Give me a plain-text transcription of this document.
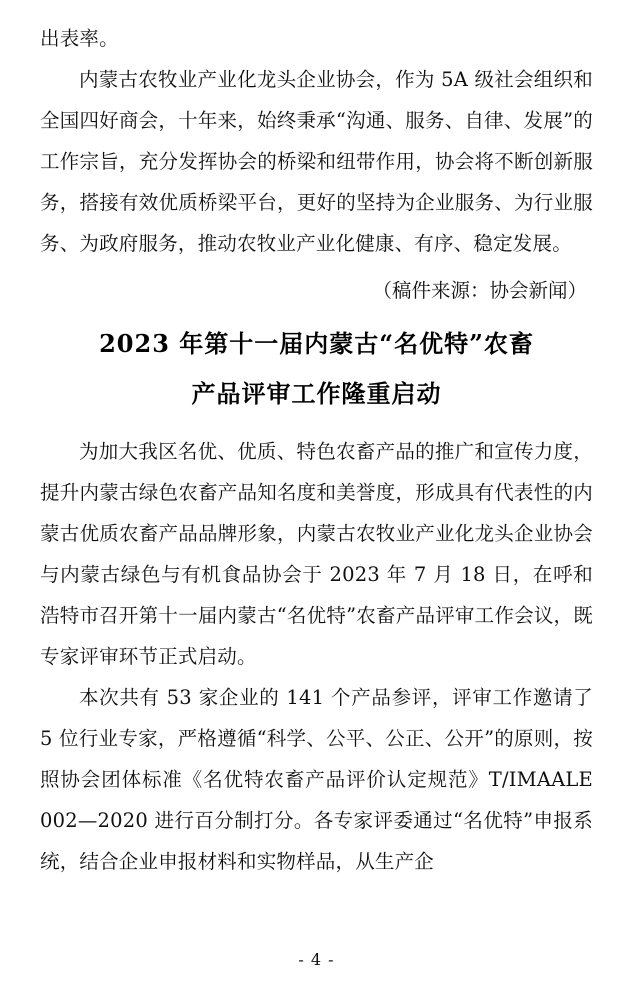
出表率。

内蒙古农牧业产业化龙头企业协会，作为 5A 级社会组织和全国四好商会，十年来，始终秉承“沟通、服务、自律、发展”的工作宗旨，充分发挥协会的桥梁和纽带作用，协会将不断创新服务，搭接有效优质桥梁平台，更好的坚持为企业服务、为行业服务、为政府服务，推动农牧业产业化健康、有序、稳定发展。

（稿件来源：协会新闻）

2023 年第十一届内蒙古“名优特”农畜
产品评审工作隆重启动

为加大我区名优、优质、特色农畜产品的推广和宣传力度，提升内蒙古绿色农畜产品知名度和美誉度，形成具有代表性的内蒙古优质农畜产品品牌形象，内蒙古农牧业产业化龙头企业协会与内蒙古绿色与有机食品协会于 2023 年 7 月 18 日，在呼和浩特市召开第十一届内蒙古“名优特”农畜产品评审工作会议，既专家评审环节正式启动。

本次共有 53 家企业的 141 个产品参评，评审工作邀请了 5 位行业专家，严格遵循“科学、公平、公正、公开”的原则，按照协会团体标准《名优特农畜产品评价认定规范》T/IMAALE 002—2020 进行百分制打分。各专家评委通过“名优特”申报系统，结合企业申报材料和实物样品，从生产企

- 4 -
